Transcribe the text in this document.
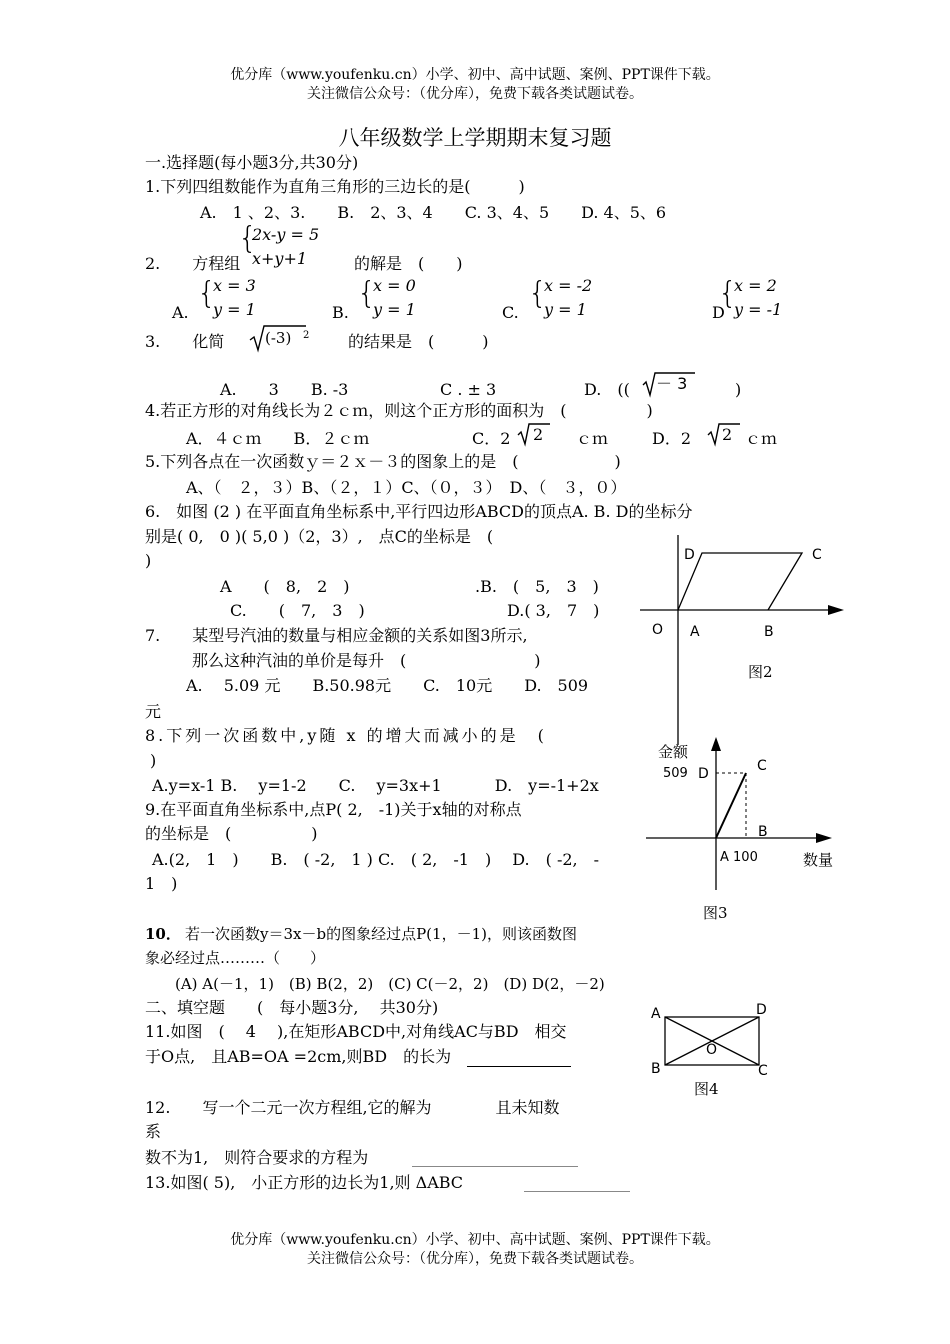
优分库（www.youfenku.cn）小学、初中、高中试题、案例、PPT课件下载。
关注微信公众号：（优分库），免费下载各类试题试卷。
八年级数学上学期期末复习题
一.选择题(每小题3分,共30分)
1.下列四组数能作为直角三角形的三边长的是(　　　)
A.　1 、2、3.　　B.　2、3、4　　C. 3、4、5　　D. 4、5、6
{
2x-y = 5
x+y+1
2.　　方程组	的解是　(　　)
A.
{
x = 3
y = 1	B.
{
x = 0
y = 1	C.
{
x = -2
y = 1	D
{
x = 2
y = -1
3.　　化简	(-3) 2 的结果是　(　　　)
A.　　3　　B. -3	C . ± 3	D.　(( － 3	)
4.若正方形的对角线长为２ｃｍ，则这个正方形的面积为　(　　　　　)
A．４ｃｍ　　B．２ｃｍ	C．2 2 ｃｍ	D．2 2 ｃｍ
5.下列各点在一次函数ｙ＝２ｘ－３的图象上的是　(　　　　　　)
A、（　２，３）B、（２，１）C、（０，３）　D、（　３，０）
6.　如图 (2 ) 在平面直角坐标系中,平行四边形ABCD的顶点A. B. D的坐标分
别是( 0,　0 )( 5,0 )（2，3）,　点C的坐标是　(
)
A　　(　8,　2　)	.B.　(　5,　3　)
C.　　(　7,　3　)	D.( 3,　7　)
7.　　某型号汽油的数量与相应金额的关系如图3所示,
那么这种汽油的单价是每升　(　　　　　　　　)
A.　 5.09 元　　B.50.98元　　C.　10元　　D.　509
元
8.下列一次函数中,y随 x 的增大而减小的是　(
)
A.y=x-1 B.　 y=1-2　　C.　 y=3x+1　　　 D.　y=-1+2x
9.在平面直角坐标系中,点P( 2,　-1)关于x轴的对称点
的坐标是　(　　　　　)
A.(2,　1　)　　B.　( -2,　1 ) C.　( 2,　-1　)　 D.　( -2,　-
1　)
10． 若一次函数y＝3x－b的图象经过点P(1，－1)，则该函数图
象必经过点………（　　）
(A) A(－1，1)　(B) B(2，2)　(C) C(－2，2)　(D) D(2，－2)
二、填空题　　(　每小题3分,　 共30分)
11.如图　(　 4　 ),在矩形ABCD中,对角线AC与BD　相交
于O点,　且AB=OA =2cm,则BD　的长为
12.　　写一个二元一次方程组,它的解为　　　　且未知数
系
数不为1,　则符合要求的方程为
13.如图( 5),　小正方形的边长为1,则 ΔABC
D	C
O A	B
图2
金额
509 D	C
B
A 100	数量
图3
A	D
O
B	C
图4
优分库（www.youfenku.cn）小学、初中、高中试题、案例、PPT课件下载。
关注微信公众号：（优分库），免费下载各类试题试卷。
